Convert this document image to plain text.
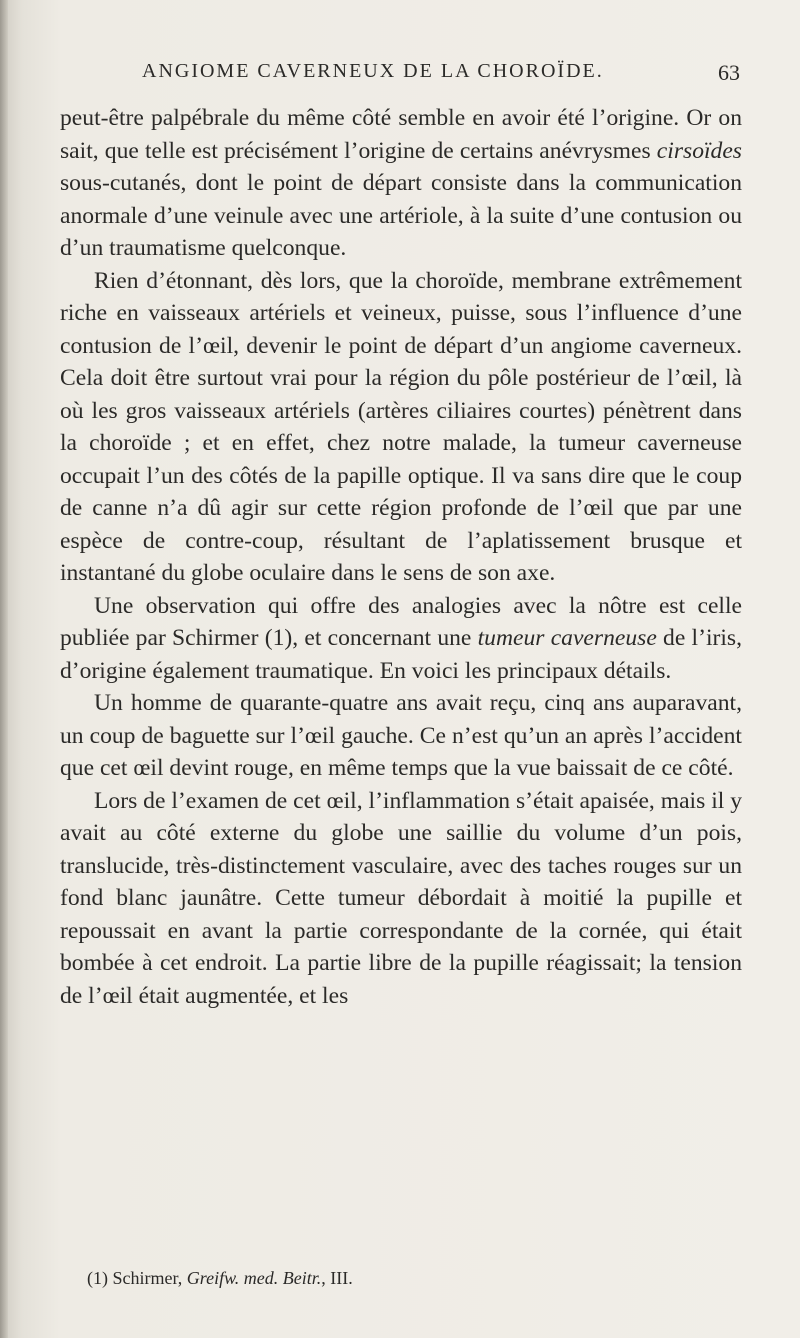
ANGIOME CAVERNEUX DE LA CHOROÏDE.	63

peut-être palpébrale du même côté semble en avoir été l’origine. Or on sait, que telle est précisément l’origine de certains anévrysmes cirsoïdes sous-cutanés, dont le point de départ consiste dans la communication anormale d’une veinule avec une artériole, à la suite d’une contusion ou d’un traumatisme quelconque.

Rien d’étonnant, dès lors, que la choroïde, membrane extrêmement riche en vaisseaux artériels et veineux, puisse, sous l’influence d’une contusion de l’œil, devenir le point de départ d’un angiome caverneux. Cela doit être surtout vrai pour la région du pôle postérieur de l’œil, là où les gros vaisseaux artériels (artères ciliaires courtes) pénètrent dans la choroïde ; et en effet, chez notre malade, la tumeur caverneuse occupait l’un des côtés de la papille optique. Il va sans dire que le coup de canne n’a dû agir sur cette région profonde de l’œil que par une espèce de contre-coup, résultant de l’aplatissement brusque et instantané du globe oculaire dans le sens de son axe.

Une observation qui offre des analogies avec la nôtre est celle publiée par Schirmer (1), et concernant une tumeur caverneuse de l’iris, d’origine également traumatique. En voici les principaux détails.

Un homme de quarante-quatre ans avait reçu, cinq ans auparavant, un coup de baguette sur l’œil gauche. Ce n’est qu’un an après l’accident que cet œil devint rouge, en même temps que la vue baissait de ce côté.

Lors de l’examen de cet œil, l’inflammation s’était apaisée, mais il y avait au côté externe du globe une saillie du volume d’un pois, translucide, très-distinctement vasculaire, avec des taches rouges sur un fond blanc jaunâtre. Cette tumeur débordait à moitié la pupille et repoussait en avant la partie correspondante de la cornée, qui était bombée à cet endroit. La partie libre de la pupille réagissait; la tension de l’œil était augmentée, et les

(1) Schirmer, Greifw. med. Beitr., III.
